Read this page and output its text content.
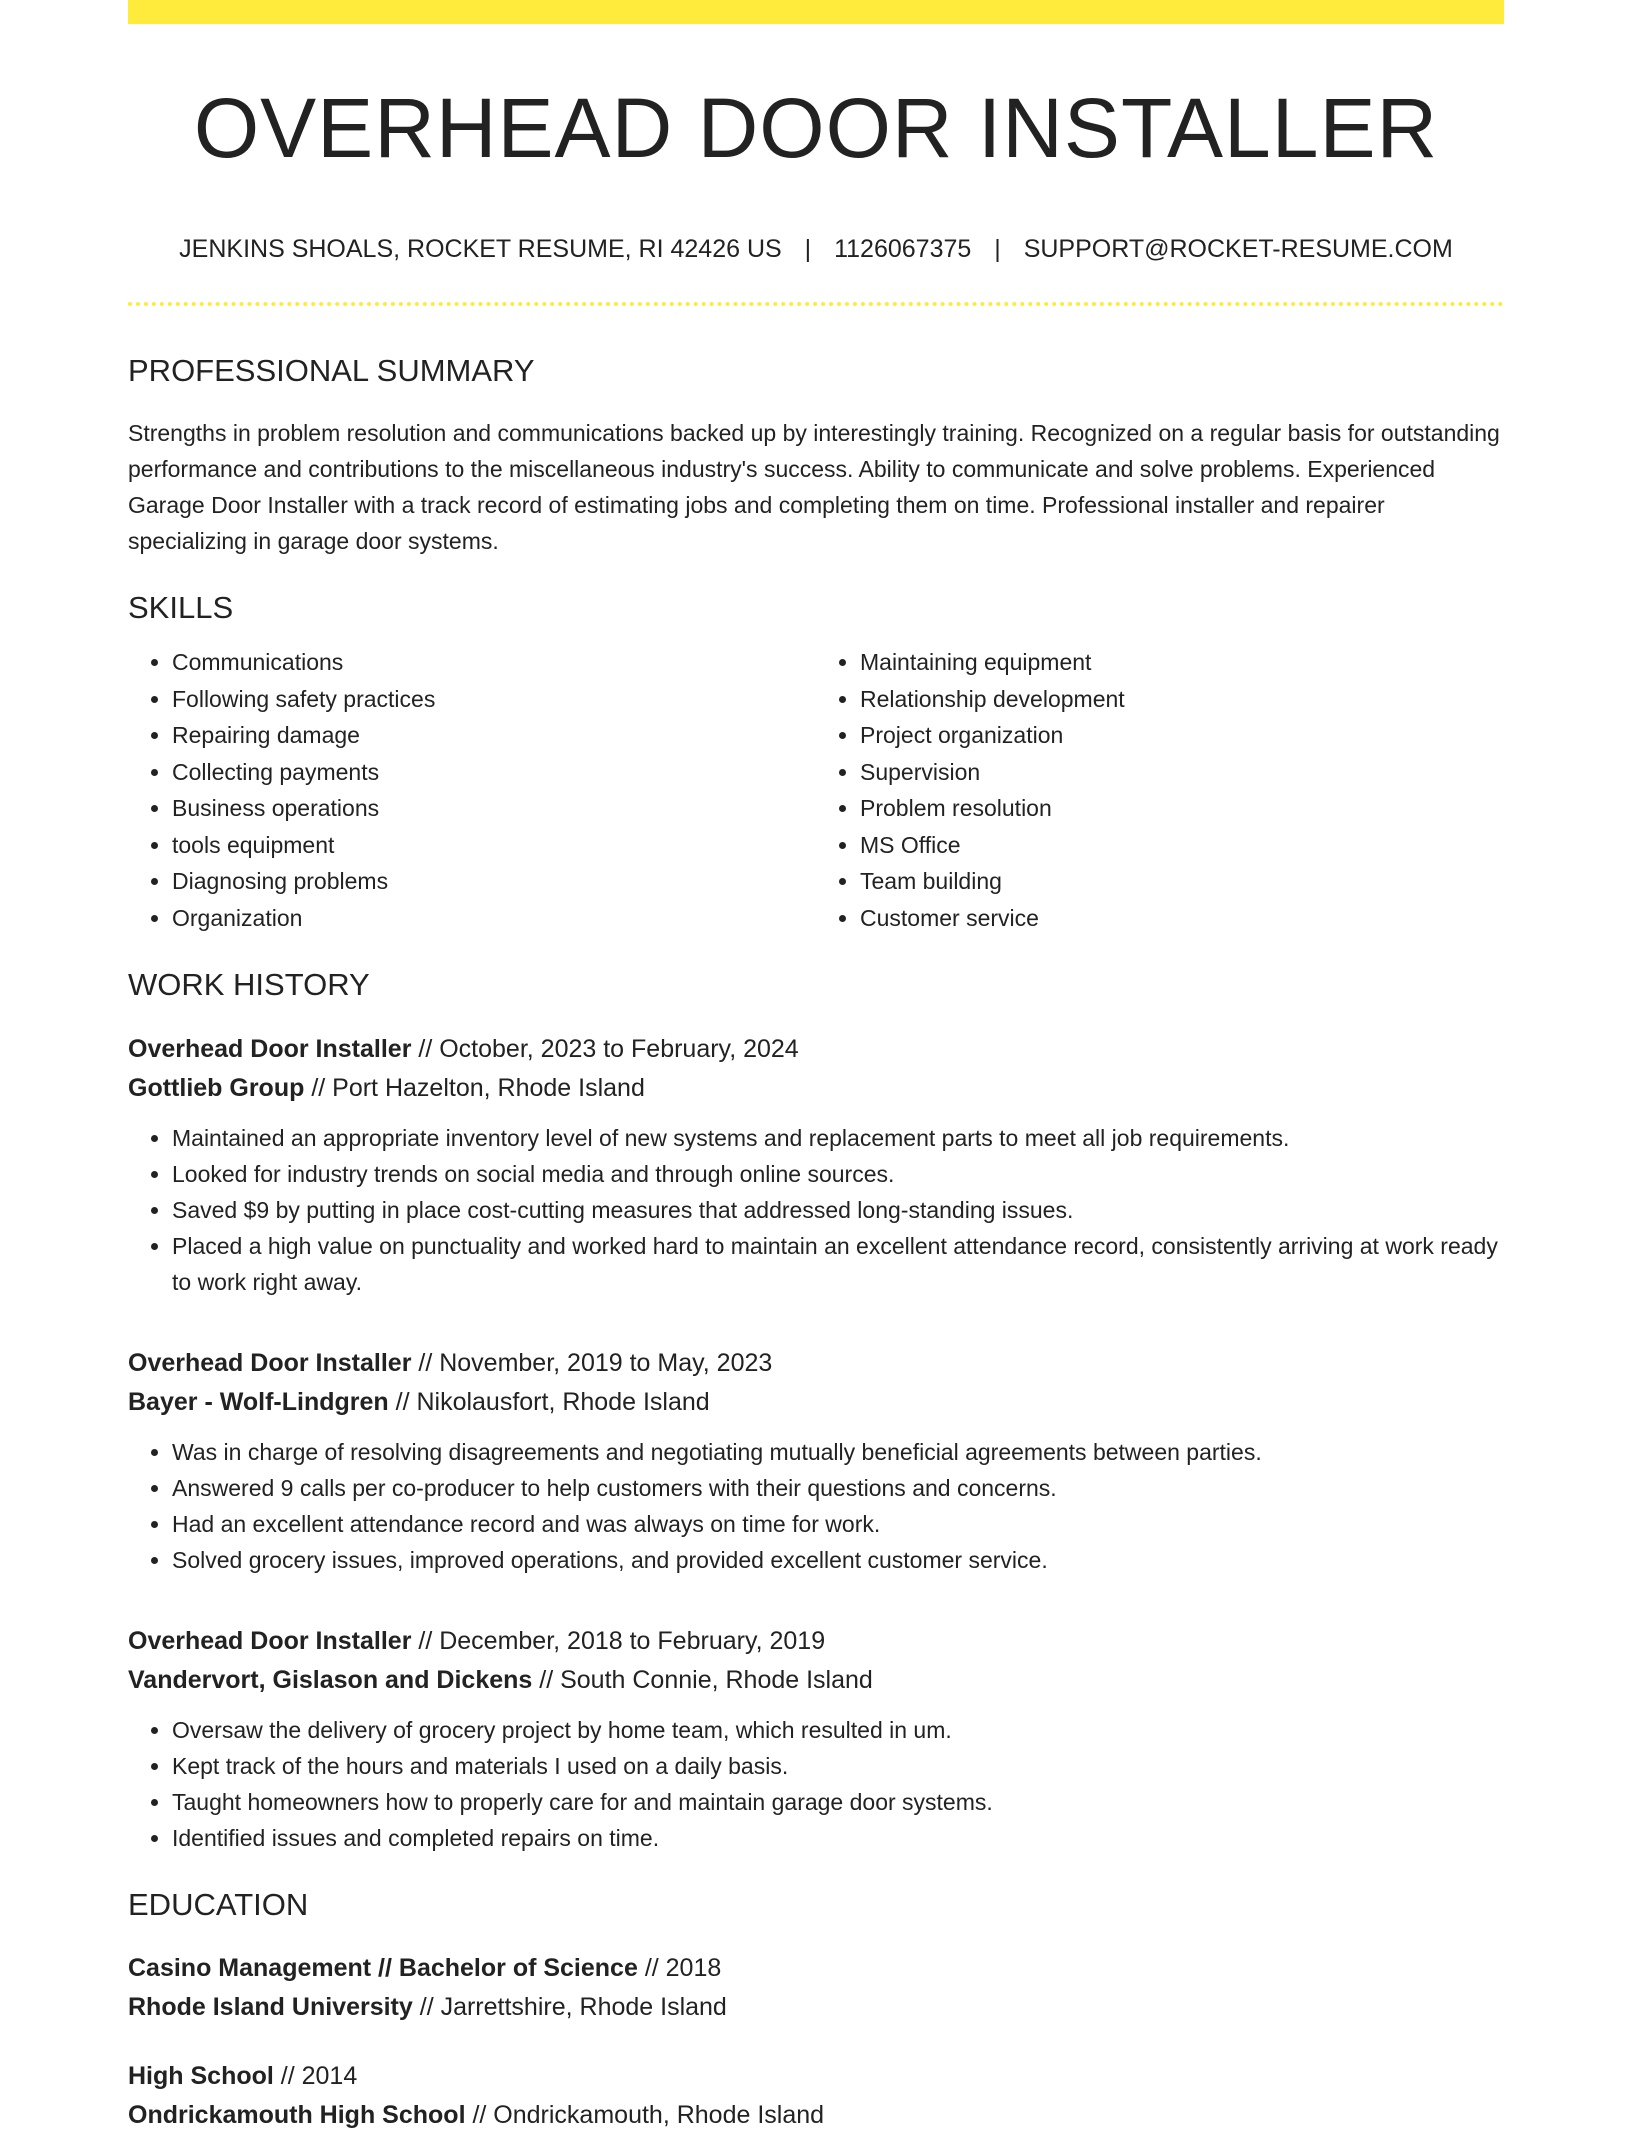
OVERHEAD DOOR INSTALLER
JENKINS SHOALS, ROCKET RESUME, RI 42426 US | 1126067375 | SUPPORT@ROCKET-RESUME.COM
PROFESSIONAL SUMMARY

Strengths in problem resolution and communications backed up by interestingly training. Recognized on a regular basis for outstanding performance and contributions to the miscellaneous industry's success. Ability to communicate and solve problems. Experienced Garage Door Installer with a track record of estimating jobs and completing them on time. Professional installer and repairer specializing in garage door systems.

SKILLS
• Communications
• Following safety practices
• Repairing damage
• Collecting payments
• Business operations
• tools equipment
• Diagnosing problems
• Organization
• Maintaining equipment
• Relationship development
• Project organization
• Supervision
• Problem resolution
• MS Office
• Team building
• Customer service
WORK HISTORY
Overhead Door Installer // October, 2023 to February, 2024
Gottlieb Group // Port Hazelton, Rhode Island
• Maintained an appropriate inventory level of new systems and replacement parts to meet all job requirements.
• Looked for industry trends on social media and through online sources.
• Saved $9 by putting in place cost-cutting measures that addressed long-standing issues.
• Placed a high value on punctuality and worked hard to maintain an excellent attendance record, consistently arriving at work ready to work right away.
Overhead Door Installer // November, 2019 to May, 2023
Bayer - Wolf-Lindgren // Nikolausfort, Rhode Island
• Was in charge of resolving disagreements and negotiating mutually beneficial agreements between parties.
• Answered 9 calls per co-producer to help customers with their questions and concerns.
• Had an excellent attendance record and was always on time for work.
• Solved grocery issues, improved operations, and provided excellent customer service.
Overhead Door Installer // December, 2018 to February, 2019
Vandervort, Gislason and Dickens // South Connie, Rhode Island
• Oversaw the delivery of grocery project by home team, which resulted in um.
• Kept track of the hours and materials I used on a daily basis.
• Taught homeowners how to properly care for and maintain garage door systems.
• Identified issues and completed repairs on time.
EDUCATION
Casino Management // Bachelor of Science // 2018
Rhode Island University // Jarrettshire, Rhode Island
High School // 2014
Ondrickamouth High School // Ondrickamouth, Rhode Island
